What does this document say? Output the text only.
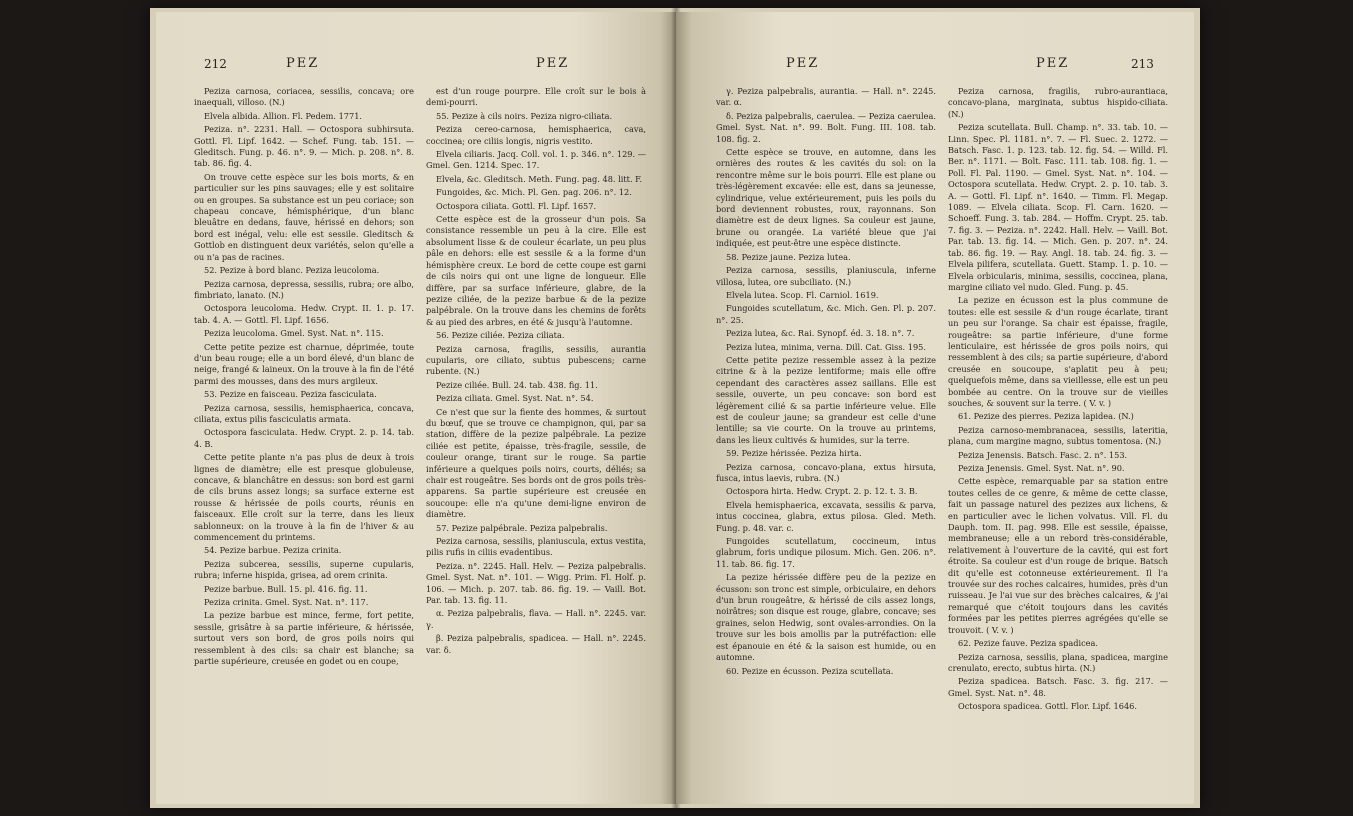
212	PEZ	PEZ

Peziza carnosa, coriacea, sessilis, concava; ore inaequali, villoso. (N.)

Elvela albida. Allion. Fl. Pedem. 1771.

Peziza. n°. 2231. Hall. — Octospora subhirsuta. Gottl. Fl. Lipf. 1642. — Schef. Fung. tab. 151. — Gleditsch. Fung. p. 46. n°. 9. — Mich. p. 208. n°. 8. tab. 86. fig. 4.

On trouve cette espèce sur les bois morts, & en particulier sur les pins sauvages; elle y est solitaire ou en groupes. Sa substance est un peu coriace; son chapeau concave, hémisphérique, d'un blanc bleuâtre en dedans, fauve, hérissé en dehors; son bord est inégal, velu: elle est sessile. Gleditsch & Gottlob en distinguent deux variétés, selon qu'elle a ou n'a pas de racines.

52. Pezize à bord blanc. Peziza leucoloma.

Peziza carnosa, depressa, sessilis, rubra; ore albo, fimbriato, lanato. (N.)

Octospora leucoloma. Hedw. Crypt. II. 1. p. 17. tab. 4. A. — Gottl. Fl. Lipf. 1656.

Peziza leucoloma. Gmel. Syst. Nat. n°. 115.

Cette petite pezize est charnue, déprimée, toute d'un beau rouge; elle a un bord élevé, d'un blanc de neige, frangé & laineux. On la trouve à la fin de l'été parmi des mousses, dans des murs argileux.

53. Pezize en faisceau. Peziza fasciculata.

Peziza carnosa, sessilis, hemisphaerica, concava, ciliata, extus pilis fasciculatis armata.

Octospora fasciculata. Hedw. Crypt. 2. p. 14. tab. 4. B.

Cette petite plante n'a pas plus de deux à trois lignes de diamètre; elle est presque globuleuse, concave, & blanchâtre en dessus: son bord est garni de cils bruns assez longs; sa surface externe est rousse & hérissée de poils courts, réunis en faisceaux. Elle croît sur la terre, dans les lieux sablonneux: on la trouve à la fin de l'hiver & au commencement du printems.

54. Pezize barbue. Peziza crinita.

Peziza subcerea, sessilis, superne cupularis, rubra; inferne hispida, grisea, ad orem crinita.

Pezize barbue. Bull. 15. pl. 416. fig. 11.

Peziza crinita. Gmel. Syst. Nat. n°. 117.

La pezize barbue est mince, ferme, fort petite, sessile, grisâtre à sa partie inférieure, & hérissée, surtout vers son bord, de gros poils noirs qui ressemblent à des cils: sa chair est blanche; sa partie supérieure, creusée en godet ou en coupe,

est d'un rouge pourpre. Elle croît sur le bois à demi-pourri.

55. Pezize à cils noirs. Peziza nigro-ciliata.

Peziza cereo-carnosa, hemisphaerica, cava, coccinea; ore ciliis longis, nigris vestito.

Elvela ciliaris. Jacq. Coll. vol. 1. p. 346. n°. 129. — Gmel. Gen. 1214. Spec. 17.

Elvela, &c. Gleditsch. Meth. Fung. pag. 48. litt. F.

Fungoides, &c. Mich. Pl. Gen. pag. 206. n°. 12.

Octospora ciliata. Gottl. Fl. Lipf. 1657.

Cette espèce est de la grosseur d'un pois. Sa consistance ressemble un peu à la cire. Elle est absolument lisse & de couleur écarlate, un peu plus pâle en dehors: elle est sessile & a la forme d'un hémisphère creux. Le bord de cette coupe est garni de cils noirs qui ont une ligne de longueur. Elle diffère, par sa surface inférieure, glabre, de la pezize ciliée, de la pezize barbue & de la pezize palpébrale. On la trouve dans les chemins de forêts & au pied des arbres, en été & jusqu'à l'automne.

56. Pezize ciliée. Peziza ciliata.

Peziza carnosa, fragilis, sessilis, aurantia cupularis, ore ciliato, subtus pubescens; carne rubente. (N.)

Pezize ciliée. Bull. 24. tab. 438. fig. 11.

Peziza ciliata. Gmel. Syst. Nat. n°. 54.

Ce n'est que sur la fiente des hommes, & surtout du bœuf, que se trouve ce champignon, qui, par sa station, diffère de la pezize palpébrale. La pezize ciliée est petite, épaisse, très-fragile, sessile, de couleur orange, tirant sur le rouge. Sa partie inférieure a quelques poils noirs, courts, déliés; sa chair est rougeâtre. Ses bords ont de gros poils très-apparens. Sa partie supérieure est creusée en soucoupe: elle n'a qu'une demi-ligne environ de diamètre.

57. Pezize palpébrale. Peziza palpebralis.

Peziza carnosa, sessilis, planiuscula, extus vestita, pilis rufis in ciliis evadentibus.

Peziza. n°. 2245. Hall. Helv. — Peziza palpebralis. Gmel. Syst. Nat. n°. 101. — Wigg. Prim. Fl. Holf. p. 106. — Mich. p. 207. tab. 86. fig. 19. — Vaill. Bot. Par. tab. 13. fig. 11.

α. Peziza palpebralis, flava. — Hall. n°. 2245. var. γ.

β. Peziza palpebralis, spadicea. — Hall. n°. 2245. var. δ.

PEZ	PEZ	213

γ. Peziza palpebralis, aurantia. — Hall. n°. 2245. var. α.

δ. Peziza palpebralis, caerulea. — Peziza caerulea. Gmel. Syst. Nat. n°. 99. Bolt. Fung. III. 108. tab. 108. fig. 2.

Cette espèce se trouve, en automne, dans les ornières des routes & les cavités du sol: on la rencontre même sur le bois pourri. Elle est plane ou très-légèrement excavée: elle est, dans sa jeunesse, cylindrique, velue extérieurement, puis les poils du bord deviennent robustes, roux, rayonnans. Son diamètre est de deux lignes. Sa couleur est jaune, brune ou orangée. La variété bleue que j'ai indiquée, est peut-être une espèce distincte.

58. Pezize jaune. Peziza lutea.

Peziza carnosa, sessilis, planiuscula, inferne villosa, lutea, ore subciliato. (N.)

Elvela lutea. Scop. Fl. Carniol. 1619.

Fungoides scutellatum, &c. Mich. Gen. Pl. p. 207. n°. 25.

Peziza lutea, &c. Rai. Synopf. éd. 3. 18. n°. 7.

Peziza lutea, minima, verna. Dill. Cat. Giss. 195.

Cette petite pezize ressemble assez à la pezize citrine & à la pezize lentiforme; mais elle offre cependant des caractères assez saillans. Elle est sessile, ouverte, un peu concave: son bord est légèrement cilié & sa partie inférieure velue. Elle est de couleur jaune; sa grandeur est celle d'une lentille; sa vie courte. On la trouve au printems, dans les lieux cultivés & humides, sur la terre.

59. Pezize hérissée. Peziza hirta.

Peziza carnosa, concavo-plana, extus hirsuta, fusca, intus laevis, rubra. (N.)

Octospora hirta. Hedw. Crypt. 2. p. 12. t. 3. B.

Elvela hemisphaerica, excavata, sessilis & parva, intus coccinea, glabra, extus pilosa. Gled. Meth. Fung. p. 48. var. c.

Fungoides scutellatum, coccineum, intus glabrum, foris undique pilosum. Mich. Gen. 206. n°. 11. tab. 86. fig. 17.

La pezize hérissée diffère peu de la pezize en écusson: son tronc est simple, orbiculaire, en dehors d'un brun rougeâtre, & hérissé de cils assez longs, noirâtres; son disque est rouge, glabre, concave; ses graines, selon Hedwig, sont ovales-arrondies. On la trouve sur les bois amollis par la putréfaction: elle est épanouie en été & la saison est humide, ou en automne.

60. Pezize en écusson. Peziza scutellata.

Peziza carnosa, fragilis, rubro-aurantiaca, concavo-plana, marginata, subtus hispido-ciliata. (N.)

Peziza scutellata. Bull. Champ. n°. 33. tab. 10. — Linn. Spec. Pl. 1181. n°. 7. — Fl. Suec. 2. 1272. — Batsch. Fasc. 1. p. 123. tab. 12. fig. 54. — Willd. Fl. Ber. n°. 1171. — Bolt. Fasc. 111. tab. 108. fig. 1. — Poll. Fl. Pal. 1190. — Gmel. Syst. Nat. n°. 104. — Octospora scutellata. Hedw. Crypt. 2. p. 10. tab. 3. A. — Gottl. Fl. Lipf. n°. 1640. — Timm. Fl. Megap. 1089. — Elvela ciliata. Scop. Fl. Carn. 1620. — Schoeff. Fung. 3. tab. 284. — Hoffm. Crypt. 25. tab. 7. fig. 3. — Peziza. n°. 2242. Hall. Helv. — Vaill. Bot. Par. tab. 13. fig. 14. — Mich. Gen. p. 207. n°. 24. tab. 86. fig. 19. — Ray. Angl. 18. tab. 24. fig. 3. — Elvela pilifera, scutellata. Guett. Stamp. 1. p. 10. — Elvela orbicularis, minima, sessilis, coccinea, plana, margine ciliato vel nudo. Gled. Fung. p. 45.

La pezize en écusson est la plus commune de toutes: elle est sessile & d'un rouge écarlate, tirant un peu sur l'orange. Sa chair est épaisse, fragile, rougeâtre: sa partie inférieure, d'une forme lenticulaire, est hérissée de gros poils noirs, qui ressemblent à des cils; sa partie supérieure, d'abord creusée en soucoupe, s'aplatit peu à peu; quelquefois même, dans sa vieillesse, elle est un peu bombée au centre. On la trouve sur de vieilles souches, & souvent sur la terre. ( V. v. )

61. Pezize des pierres. Peziza lapidea. (N.)

Peziza carnoso-membranacea, sessilis, lateritia, plana, cum margine magno, subtus tomentosa. (N.)

Peziza Jenensis. Batsch. Fasc. 2. n°. 153.

Peziza Jenensis. Gmel. Syst. Nat. n°. 90.

Cette espèce, remarquable par sa station entre toutes celles de ce genre, & même de cette classe, fait un passage naturel des pezizes aux lichens, & en particulier avec le lichen volvatus. Vill. Fl. du Dauph. tom. II. pag. 998. Elle est sessile, épaisse, membraneuse; elle a un rebord très-considérable, relativement à l'ouverture de la cavité, qui est fort étroite. Sa couleur est d'un rouge de brique. Batsch dit qu'elle est cotonneuse extérieurement. Il l'a trouvée sur des roches calcaires, humides, près d'un ruisseau. Je l'ai vue sur des brèches calcaires, & j'ai remarqué que c'étoit toujours dans les cavités formées par les petites pierres agrégées qu'elle se trouvoit. ( V. v. )

62. Pezize fauve. Peziza spadicea.

Peziza carnosa, sessilis, plana, spadicea, margine crenulato, erecto, subtus hirta. (N.)

Peziza spadicea. Batsch. Fasc. 3. fig. 217. — Gmel. Syst. Nat. n°. 48.

Octospora spadicea. Gottl. Flor. Lipf. 1646.
